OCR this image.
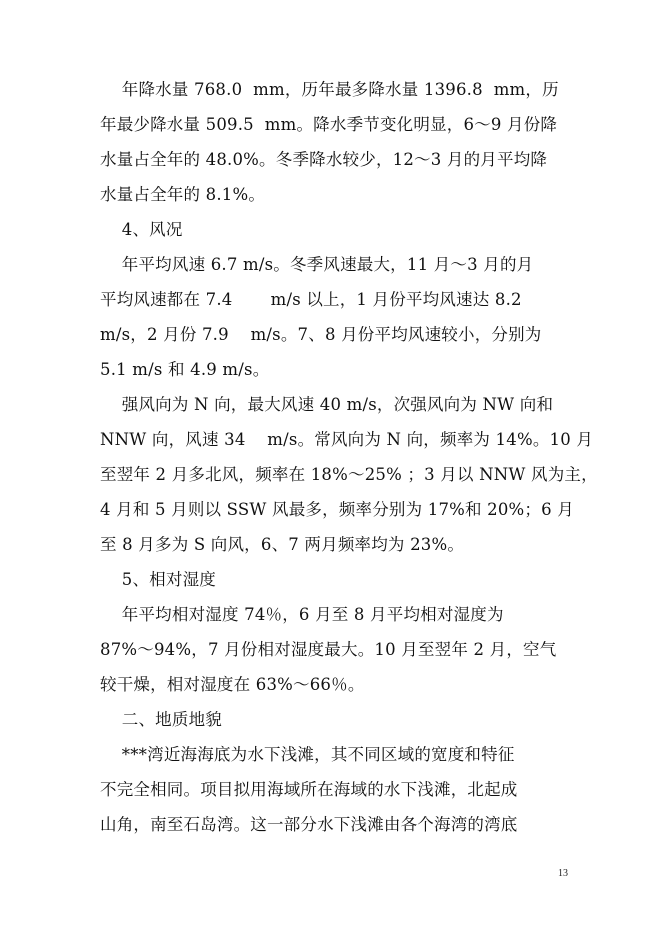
年降水量 768.0  mm，历年最多降水量 1396.8  mm，历
年最少降水量 509.5  mm。降水季节变化明显，6～9 月份降
水量占全年的 48.0%。冬季降水较少，12～3 月的月平均降
水量占全年的 8.1%。
4、风况
年平均风速 6.7 m/s。冬季风速最大，11 月～3 月的月
平均风速都在 7.4       m/s 以上，1 月份平均风速达 8.2
m/s，2 月份 7.9    m/s。7、8 月份平均风速较小，分别为
5.1 m/s 和 4.9 m/s。
强风向为 N 向，最大风速 40 m/s，次强风向为 NW 向和
NNW 向，风速 34    m/s。常风向为 N 向，频率为 14%。10 月
至翌年 2 月多北风，频率在 18%～25% ；3 月以 NNW 风为主，
4 月和 5 月则以 SSW 风最多，频率分别为 17%和 20%；6 月
至 8 月多为 S 向风，6、7 两月频率均为 23%。
5、相对湿度
年平均相对湿度 74％，6 月至 8 月平均相对湿度为
87%～94%，7 月份相对湿度最大。10 月至翌年 2 月，空气
较干燥，相对湿度在 63%～66％。
二、地质地貌
***湾近海海底为水下浅滩，其不同区域的宽度和特征
不完全相同。项目拟用海域所在海域的水下浅滩，北起成
山角，南至石岛湾。这一部分水下浅滩由各个海湾的湾底
13
